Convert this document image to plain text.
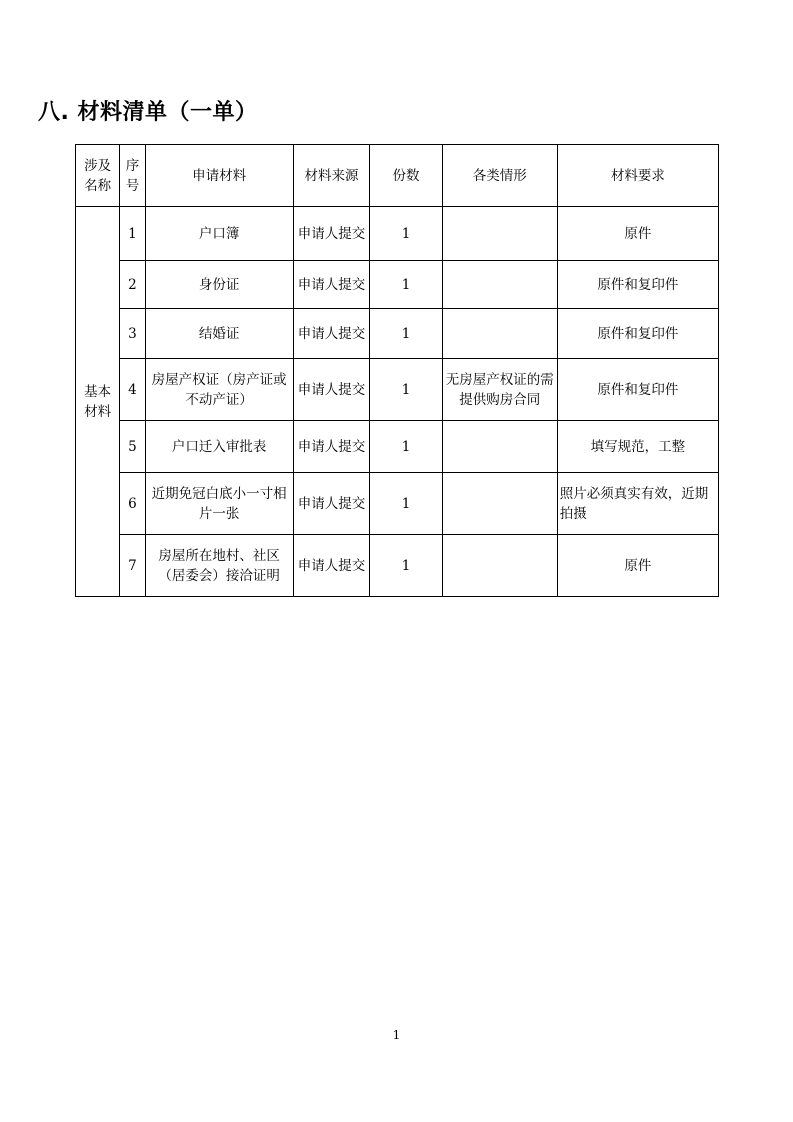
八. 材料清单（一单）
涉及名称	序号	申请材料	材料来源	份数	各类情形	材料要求
基本材料	1	户口簿	申请人提交	1		原件
	2	身份证	申请人提交	1		原件和复印件
	3	结婚证	申请人提交	1		原件和复印件
	4	房屋产权证（房产证或不动产证）	申请人提交	1	无房屋产权证的需提供购房合同	原件和复印件
	5	户口迁入审批表	申请人提交	1		填写规范，工整
	6	近期免冠白底小一寸相片一张	申请人提交	1		照片必须真实有效，近期拍摄
	7	房屋所在地村、社区（居委会）接洽证明	申请人提交	1		原件
1
